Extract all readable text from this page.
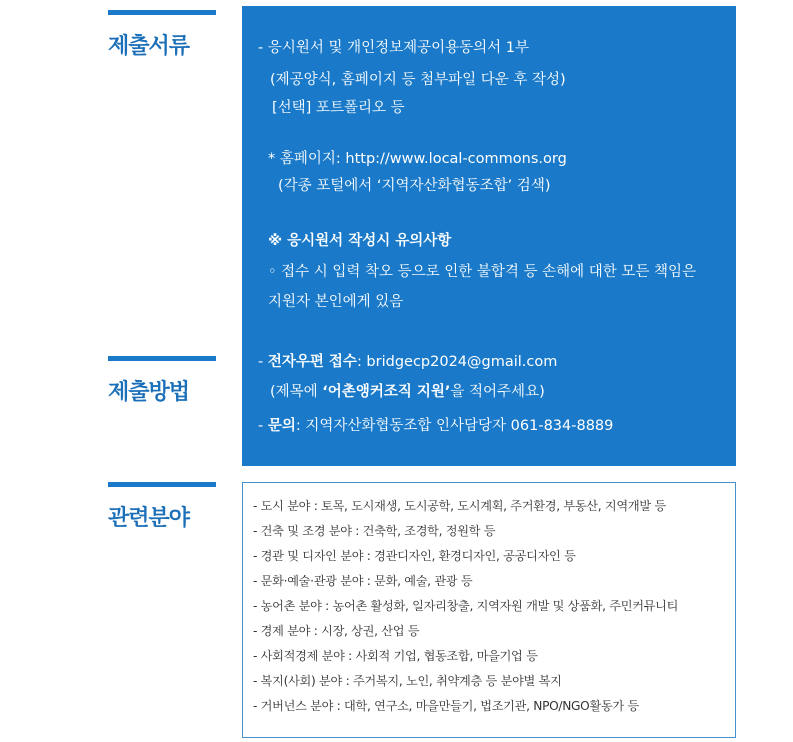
제출서류
제출방법
관련분야
- 응시원서 및 개인정보제공이용동의서 1부
(제공양식, 홈페이지 등 첨부파일 다운 후 작성)
[선택] 포트폴리오 등
* 홈페이지: http://www.local-commons.org
(각종 포털에서 ‘지역자산화협동조합’ 검색)
※ 응시원서 작성시 유의사항
◦ 접수 시 입력 착오 등으로 인한 불합격 등 손해에 대한 모든 책임은
지원자 본인에게 있음
- 전자우편 접수: bridgecp2024@gmail.com
(제목에 ‘어촌앵커조직 지원’을 적어주세요)
- 문의: 지역자산화협동조합 인사담당자 061-834-8889
- 도시 분야 : 토목, 도시재생, 도시공학, 도시계획, 주거환경, 부동산, 지역개발 등
- 건축 및 조경 분야 : 건축학, 조경학, 정원학 등
- 경관 및 디자인 분야 : 경관디자인, 환경디자인, 공공디자인 등
- 문화·예술·관광 분야 : 문화, 예술, 관광 등
- 농어촌 분야 : 농어촌 활성화, 일자리창출, 지역자원 개발 및 상품화, 주민커뮤니티
- 경제 분야 : 시장, 상권, 산업 등
- 사회적경제 분야 : 사회적 기업, 협동조합, 마을기업 등
- 복지(사회) 분야 : 주거복지, 노인, 취약계층 등 분야별 복지
- 거버넌스 분야 : 대학, 연구소, 마을만들기, 법조기관, NPO/NGO활동가 등
